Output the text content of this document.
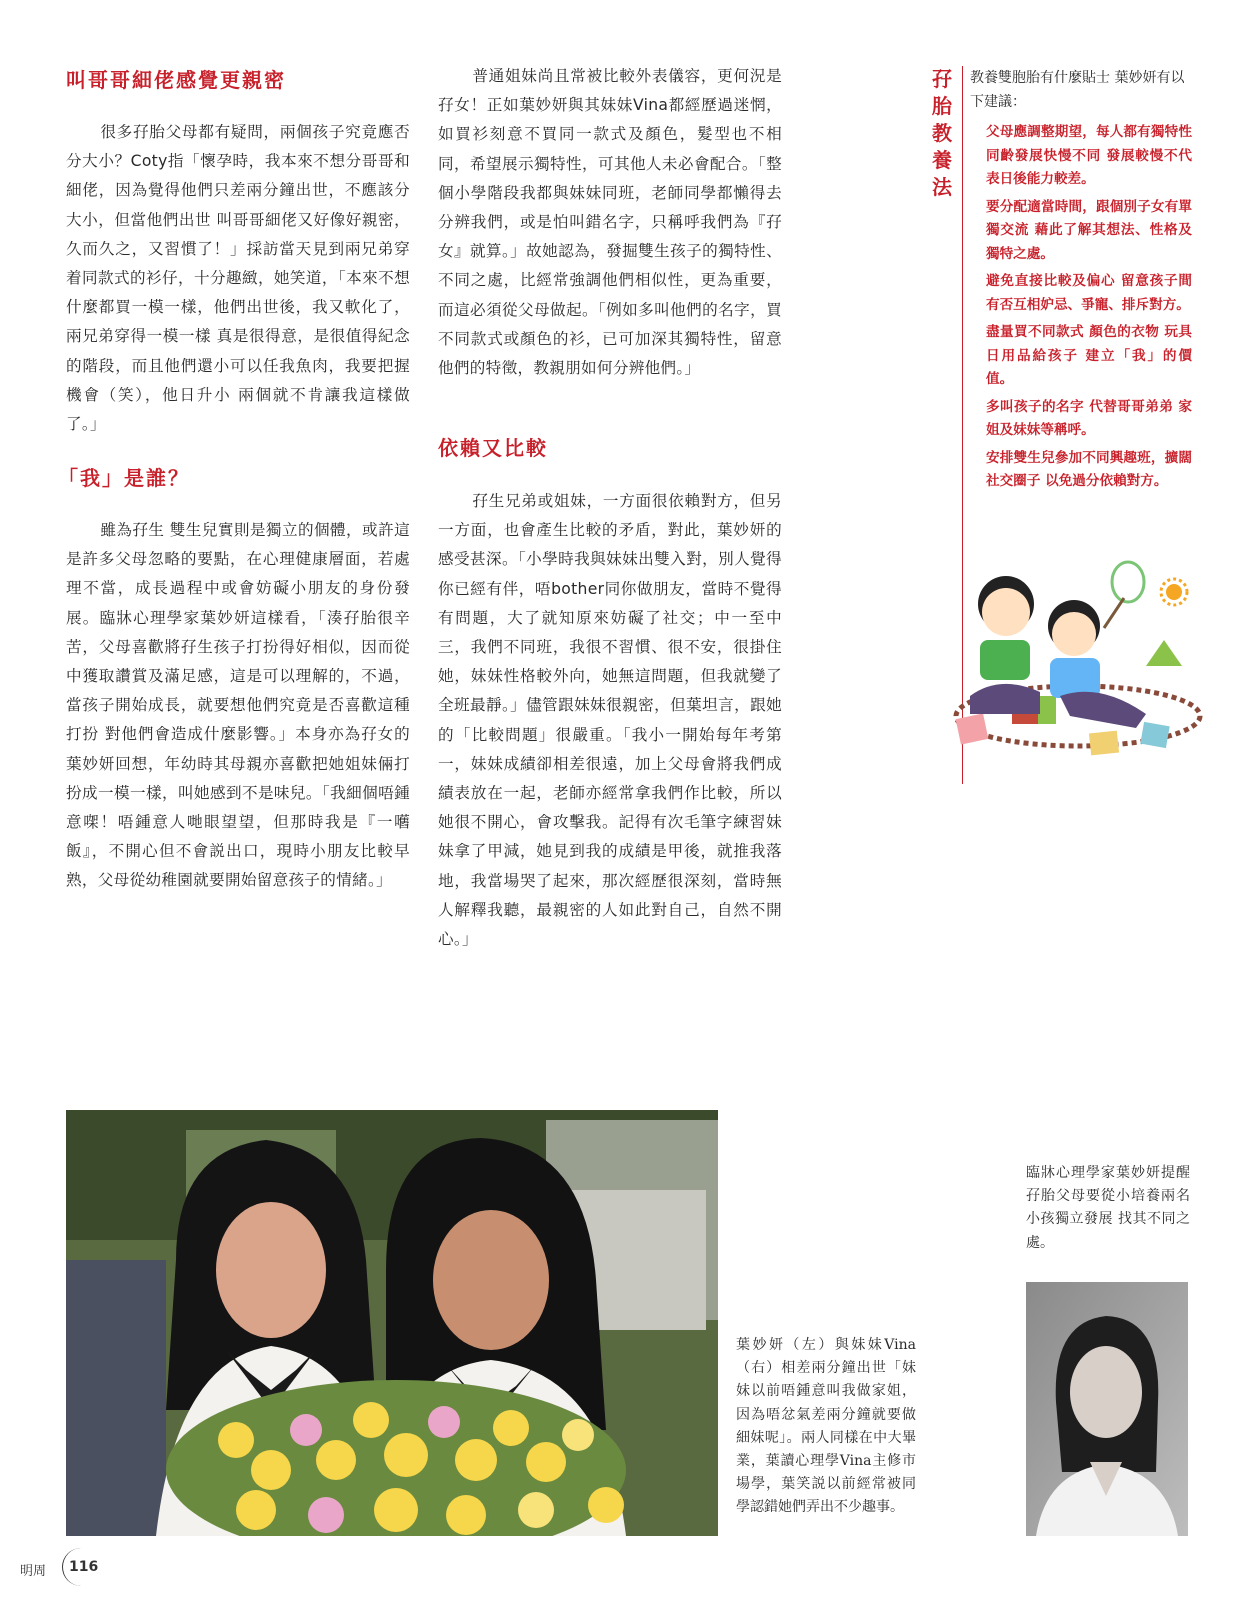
叫哥哥細佬感覺更親密

很多孖胎父母都有疑問，兩個孩子究竟應否分大小？Coty指「懷孕時，我本來不想分哥哥和細佬，因為覺得他們只差兩分鐘出世，不應該分大小，但當他們出世 叫哥哥細佬又好像好親密，久而久之，又習慣了！」採訪當天見到兩兄弟穿着同款式的衫仔，十分趣緻，她笑道，「本來不想什麼都買一模一樣，他們出世後，我又軟化了，兩兄弟穿得一模一樣 真是很得意，是很值得紀念的階段，而且他們還小可以任我魚肉，我要把握機會（笑），他日升小 兩個就不肯讓我這樣做了。」

「我」是誰？

雖為孖生 雙生兒實則是獨立的個體，或許這是許多父母忽略的要點，在心理健康層面，若處理不當，成長過程中或會妨礙小朋友的身份發展。臨牀心理學家葉妙妍這樣看，「湊孖胎很辛苦，父母喜歡將孖生孩子打扮得好相似，因而從中獲取讚賞及滿足感，這是可以理解的，不過，當孩子開始成長，就要想他們究竟是否喜歡這種打扮 對他們會造成什麼影響。」本身亦為孖女的葉妙妍回想，年幼時其母親亦喜歡把她姐妹倆打扮成一模一樣，叫她感到不是味兒。「我細個唔鍾意㗎！唔鍾意人哋眼望望，但那時我是『一嚿飯』，不開心但不會説出口，現時小朋友比較早熟，父母從幼稚園就要開始留意孩子的情緒。」

普通姐妹尚且常被比較外表儀容，更何況是孖女！正如葉妙妍與其妹妹Vina都經歷過迷惘，如買衫刻意不買同一款式及顏色，髮型也不相同，希望展示獨特性，可其他人未必會配合。「整個小學階段我都與妹妹同班，老師同學都懶得去分辨我們，或是怕叫錯名字，只稱呼我們為『孖女』就算。」故她認為，發掘雙生孩子的獨特性、不同之處，比經常強調他們相似性，更為重要，而這必須從父母做起。「例如多叫他們的名字，買不同款式或顏色的衫，已可加深其獨特性，留意他們的特徵，教親朋如何分辨他們。」

依賴又比較

孖生兄弟或姐妹，一方面很依賴對方，但另一方面，也會產生比較的矛盾，對此，葉妙妍的感受甚深。「小學時我與妹妹出雙入對，別人覺得你已經有伴，唔bother同你做朋友，當時不覺得有問題，大了就知原來妨礙了社交；中一至中三，我們不同班，我很不習慣、很不安，很掛住她，妹妹性格較外向，她無這問題，但我就變了全班最靜。」儘管跟妹妹很親密，但葉坦言，跟她的「比較問題」很嚴重。「我小一開始每年考第一，妹妹成績卻相差很遠，加上父母會將我們成績表放在一起，老師亦經常拿我們作比較，所以她很不開心，會攻擊我。記得有次毛筆字練習妹妹拿了甲減，她見到我的成績是甲後，就推我落地，我當場哭了起來，那次經歷很深刻，當時無人解釋我聽，最親密的人如此對自己，自然不開心。」

孖胎教養法
教養雙胞胎有什麼貼士 葉妙妍有以下建議：
父母應調整期望，每人都有獨特性 同齡發展快慢不同 發展較慢不代表日後能力較差。
要分配適當時間，跟個別子女有單獨交流 藉此了解其想法、性格及獨特之處。
避免直接比較及偏心 留意孩子間有否互相妒忌、爭寵、排斥對方。
盡量買不同款式 顏色的衣物 玩具 日用品給孩子 建立「我」的價值。
多叫孩子的名字 代替哥哥弟弟 家姐及妹妹等稱呼。
安排雙生兒參加不同興趣班，擴闊社交圈子 以免過分依賴對方。

臨牀心理學家葉妙妍提醒孖胎父母要從小培養兩名小孩獨立發展 找其不同之處。

葉妙妍（左）與妹妹Vina（右）相差兩分鐘出世「妹妹以前唔鍾意叫我做家姐，因為唔忿氣差兩分鐘就要做細妹呢」。兩人同樣在中大畢業，葉讀心理學Vina主修市場學，葉笑説以前經常被同學認錯她們弄出不少趣事。

明周	116
